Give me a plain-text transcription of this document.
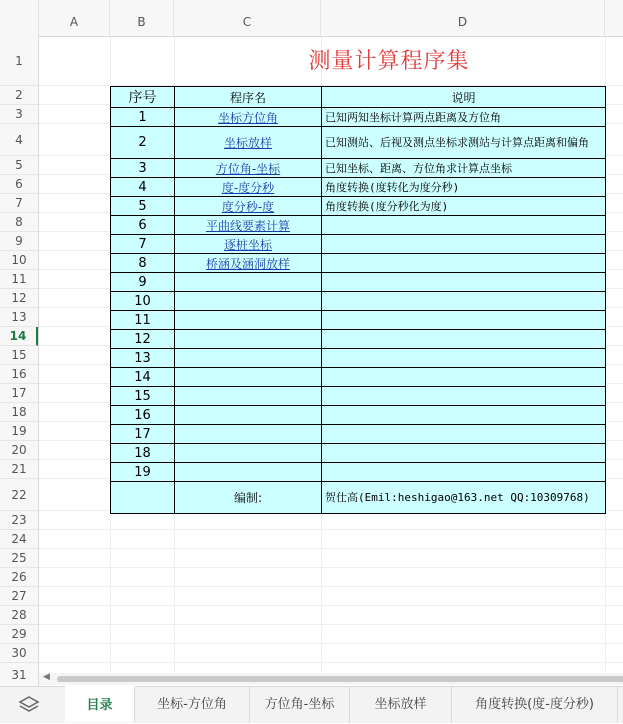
A	B	C	D
1
2
3
4
5
6
7
8
9
10
11
12
13
14
15
16
17
18
19
20
21
22
23
24
25
26
27
28
29
30
31
测量计算程序集
序号	程序名	说明
1	坐标方位角	已知两知坐标计算两点距离及方位角
2	坐标放样	已知测站、后视及测点坐标求测站与计算点距离和偏角
3	方位角-坐标	已知坐标、距离、方位角求计算点坐标
4	度-度分秒	角度转换(度转化为度分秒)
5	度分秒-度	角度转换(度分秒化为度)
6	平曲线要素计算	
7	逐桩坐标	
8	桥涵及涵洞放样	
9		
10		
11		
12		
13		
14		
15		
16		
17		
18		
19		
	编制:	贺仕高(Emil:heshigao@163.net QQ:10309768)
◀
目录	坐标-方位角	方位角-坐标	坐标放样	角度转换(度-度分秒)
